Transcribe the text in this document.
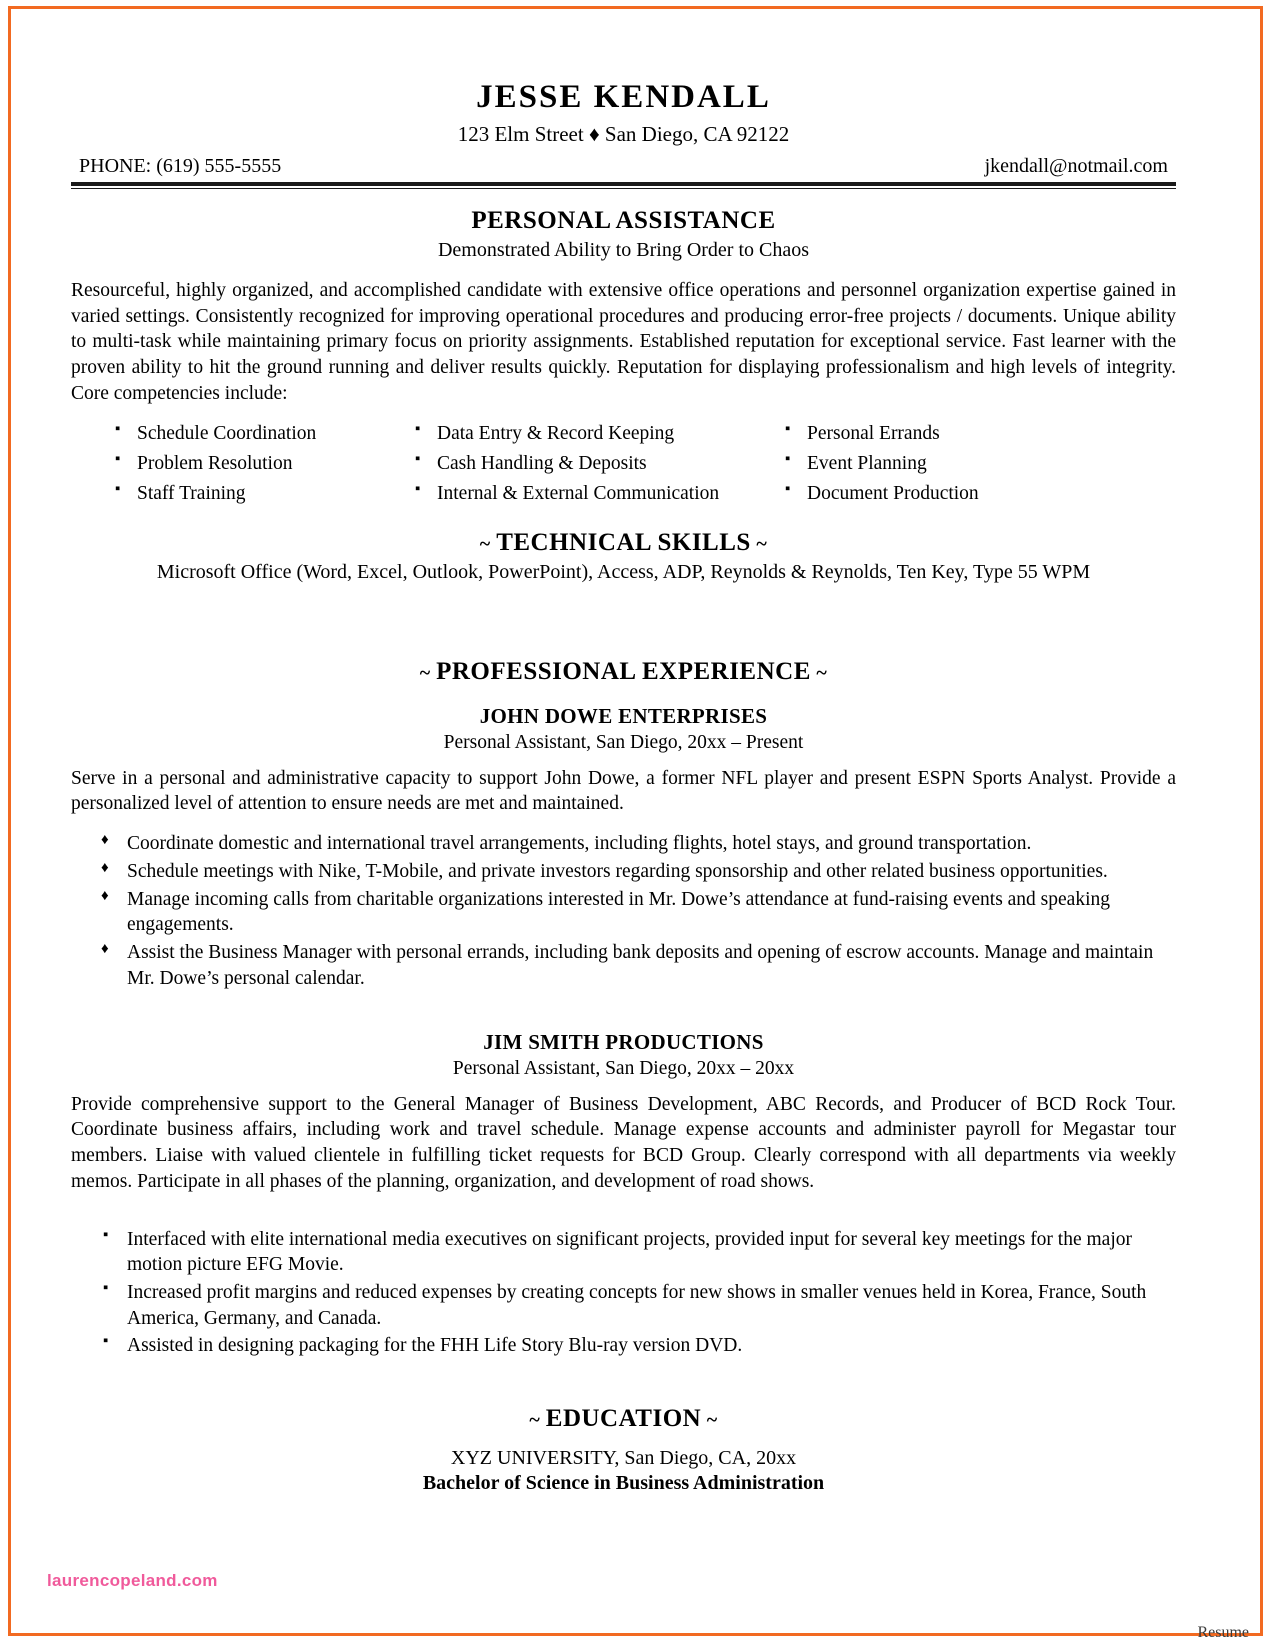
JESSE KENDALL
123 Elm Street ♦ San Diego, CA 92122
PHONE: (619) 555-5555	jkendall@notmail.com
PERSONAL ASSISTANCE
Demonstrated Ability to Bring Order to Chaos

Resourceful, highly organized, and accomplished candidate with extensive office operations and personnel organization expertise gained in varied settings. Consistently recognized for improving operational procedures and producing error-free projects / documents. Unique ability to multi-task while maintaining primary focus on priority assignments. Established reputation for exceptional service. Fast learner with the proven ability to hit the ground running and deliver results quickly. Reputation for displaying professionalism and high levels of integrity. Core competencies include:

▪ Schedule Coordination	▪ Data Entry & Record Keeping	▪ Personal Errands
▪ Problem Resolution	▪ Cash Handling & Deposits	▪ Event Planning
▪ Staff Training	▪ Internal & External Communication	▪ Document Production
~ TECHNICAL SKILLS ~
Microsoft Office (Word, Excel, Outlook, PowerPoint), Access, ADP, Reynolds & Reynolds, Ten Key, Type 55 WPM
~ PROFESSIONAL EXPERIENCE ~
JOHN DOWE ENTERPRISES
Personal Assistant, San Diego, 20xx – Present

Serve in a personal and administrative capacity to support John Dowe, a former NFL player and present ESPN Sports Analyst. Provide a personalized level of attention to ensure needs are met and maintained.

♦ Coordinate domestic and international travel arrangements, including flights, hotel stays, and ground transportation.
♦ Schedule meetings with Nike, T-Mobile, and private investors regarding sponsorship and other related business opportunities.
♦ Manage incoming calls from charitable organizations interested in Mr. Dowe’s attendance at fund-raising events and speaking engagements.
♦ Assist the Business Manager with personal errands, including bank deposits and opening of escrow accounts. Manage and maintain Mr. Dowe’s personal calendar.
JIM SMITH PRODUCTIONS
Personal Assistant, San Diego, 20xx – 20xx

Provide comprehensive support to the General Manager of Business Development, ABC Records, and Producer of BCD Rock Tour. Coordinate business affairs, including work and travel schedule. Manage expense accounts and administer payroll for Megastar tour members. Liaise with valued clientele in fulfilling ticket requests for BCD Group. Clearly correspond with all departments via weekly memos. Participate in all phases of the planning, organization, and development of road shows.

▪ Interfaced with elite international media executives on significant projects, provided input for several key meetings for the major motion picture EFG Movie.
▪ Increased profit margins and reduced expenses by creating concepts for new shows in smaller venues held in Korea, France, South America, Germany, and Canada.
▪ Assisted in designing packaging for the FHH Life Story Blu-ray version DVD.
~ EDUCATION ~
XYZ UNIVERSITY, San Diego, CA, 20xx
Bachelor of Science in Business Administration
laurencopeland.com
Resume
